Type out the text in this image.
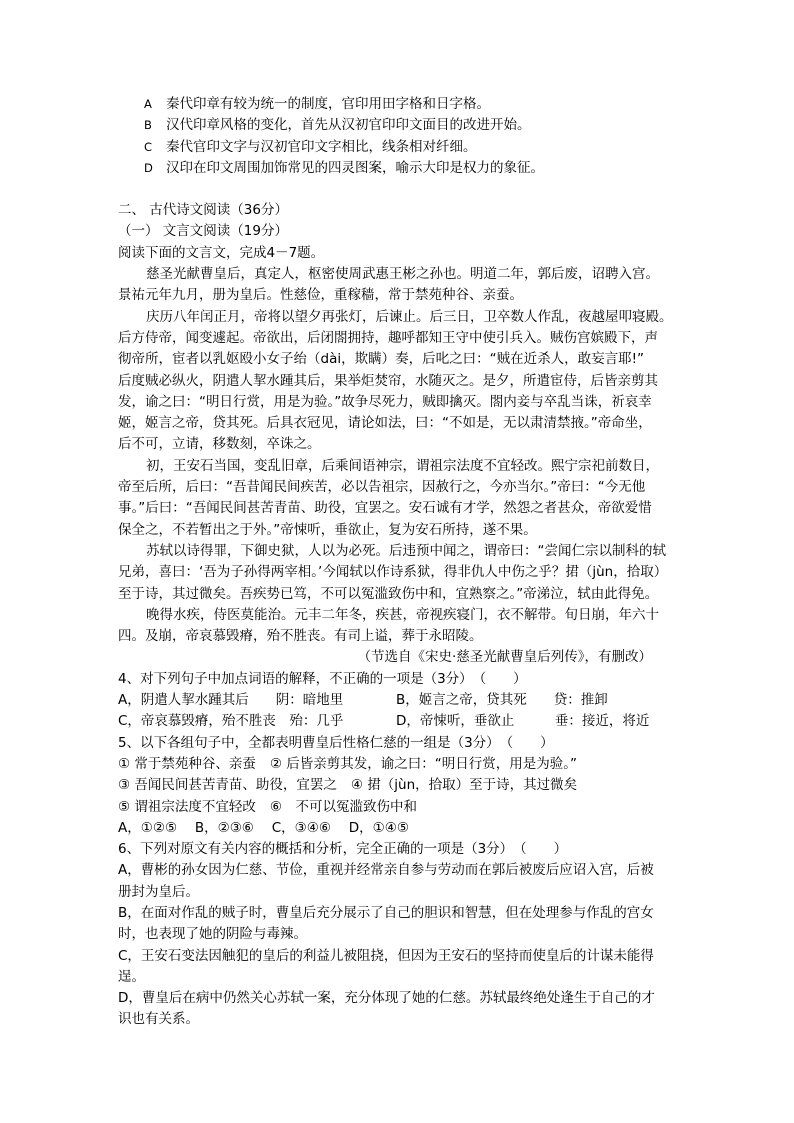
A 秦代印章有较为统一的制度，官印用田字格和日字格。
B 汉代印章风格的变化，首先从汉初官印印文面目的改进开始。
C 秦代官印文字与汉初官印文字相比，线条相对纤细。
D 汉印在印文周围加饰常见的四灵图案，喻示大印是权力的象征。
二、 古代诗文阅读（36分）
（一） 文言文阅读（19分）
阅读下面的文言文，完成4－7题。
慈圣光献曹皇后，真定人，枢密使周武惠王彬之孙也。明道二年，郭后废，诏聘入宫。
景祐元年九月，册为皇后。性慈俭，重稼穑，常于禁苑种谷、亲蚕。
庆历八年闰正月，帝将以望夕再张灯，后谏止。后三日，卫卒数人作乱，夜越屋叩寝殿。
后方侍帝，闻变遽起。帝欲出，后闭閤拥持，趣呼都知王守中使引兵入。贼伤宫嫔殿下，声
彻帝所，宦者以乳妪殴小女子绐（dài，欺瞒）奏，后叱之曰：“贼在近杀人，敢妄言耶!”
后度贼必纵火，阴遣人挈水踵其后，果举炬焚帘，水随灭之。是夕，所遣宦侍，后皆亲剪其
发，谕之曰：“明日行赏，用是为验。”故争尽死力，贼即擒灭。閤内妾与卒乱当诛，祈哀幸
姬，姬言之帝，贷其死。后具衣冠见，请论如法，曰：“不如是，无以肃清禁掖。”帝命坐，
后不可，立请，移数刻，卒诛之。
初，王安石当国，变乱旧章，后乘间语神宗，谓祖宗法度不宜轻改。熙宁宗祀前数日，
帝至后所，后曰：“吾昔闻民间疾苦，必以告祖宗，因赦行之，今亦当尔。”帝曰：“今无他
事。”后曰：“吾闻民间甚苦青苗、助役，宜罢之。安石诚有才学，然怨之者甚众，帝欲爱惜
保全之，不若暂出之于外。”帝悚听，垂欲止，复为安石所持，遂不果。
苏轼以诗得罪，下御史狱，人以为必死。后违预中闻之，谓帝曰：“尝闻仁宗以制科的轼
兄弟，喜曰：‘吾为子孙得两宰相。’今闻轼以作诗系狱，得非仇人中伤之乎？捃（jùn，拾取）
至于诗，其过微矣。吾疾势已笃，不可以冤滥致伤中和，宜熟察之。”帝涕泣，轼由此得免。
晚得水疾，侍医莫能治。元丰二年冬，疾甚，帝视疾寝门，衣不解带。旬日崩，年六十
四。及崩，帝哀慕毁瘠，殆不胜丧。有司上谥，葬于永昭陵。
（节选自《宋史·慈圣光献曹皇后列传》，有删改）
4、对下列句子中加点词语的解释，不正确的一项是（3分）　（　　）
A，阴遣人挈水踵其后　　阴：暗地里	B，姬言之帝，贷其死　　贷：推卸
C，帝哀慕毁瘠，殆不胜丧　殆：几乎	D，帝悚听，垂欲止　　　垂：接近，将近
5、以下各组句子中，全都表明曹皇后性格仁慈的一组是（3分）　（　　）
① 常于禁苑种谷、亲蚕 ② 后皆亲剪其发，谕之曰：“明日行赏，用是为验。”
③ 吾闻民间甚苦青苗、助役，宜罢之 ④ 捃（jùn，拾取）至于诗，其过微矣
⑤ 谓祖宗法度不宜轻改 ⑥　不可以冤滥致伤中和
A，①②⑤　 B，②③⑥　 C，③④⑥　 D，①④⑤
6、下列对原文有关内容的概括和分析，完全正确的一项是（3分）　（　　）
A，曹彬的孙女因为仁慈、节俭，重视并经常亲自参与劳动而在郭后被废后应诏入宫，后被
册封为皇后。
B，在面对作乱的贼子时，曹皇后充分展示了自己的胆识和智慧，但在处理参与作乱的宫女
时，也表现了她的阴险与毒辣。
C，王安石变法因触犯的皇后的利益儿被阻挠，但因为王安石的坚持而使皇后的计谋未能得
逞。
D，曹皇后在病中仍然关心苏轼一案，充分体现了她的仁慈。苏轼最终绝处逢生于自己的才
识也有关系。
